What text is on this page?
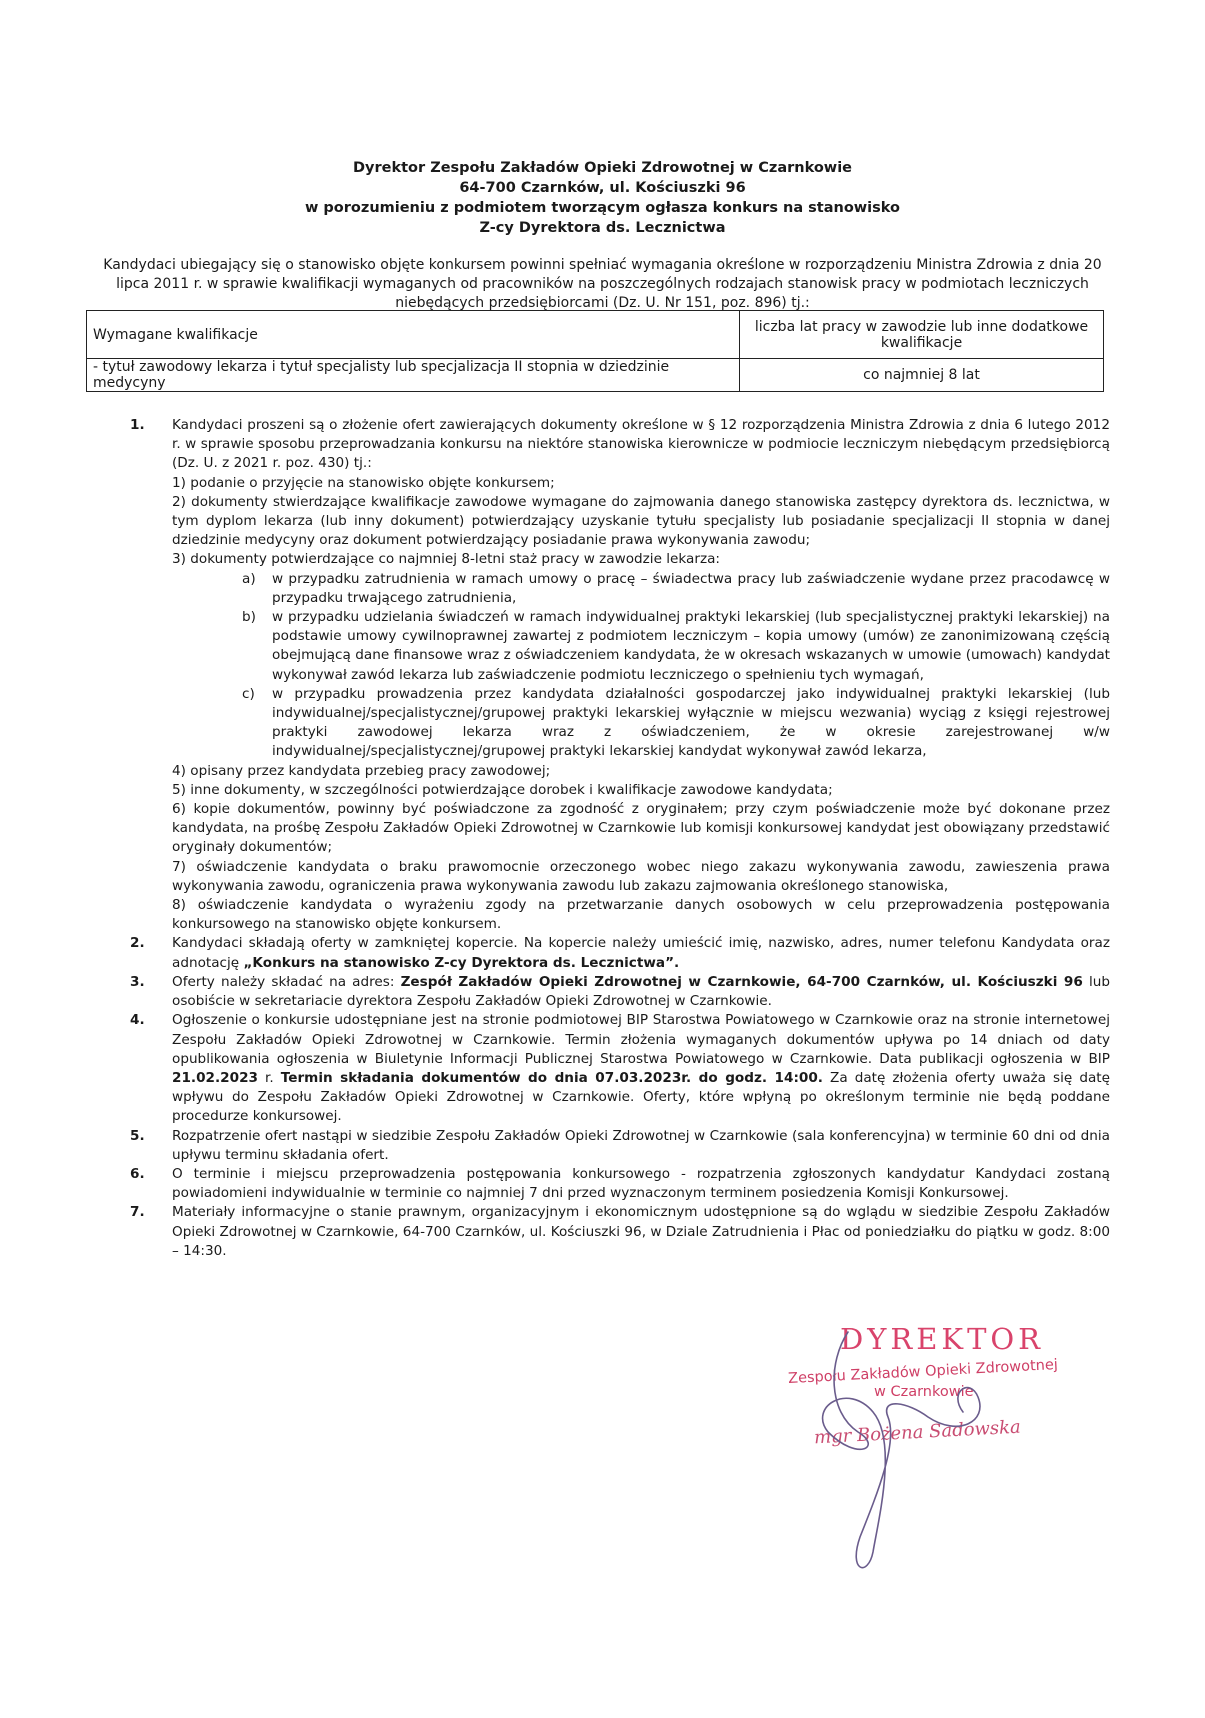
Dyrektor Zespołu Zakładów Opieki Zdrowotnej w Czarnkowie
64-700 Czarnków, ul. Kościuszki 96
w porozumieniu z podmiotem tworzącym ogłasza konkurs na stanowisko
Z-cy Dyrektora ds. Lecznictwa
Kandydaci ubiegający się o stanowisko objęte konkursem powinni spełniać wymagania określone w rozporządzeniu Ministra Zdrowia z dnia 20 lipca 2011 r. w sprawie kwalifikacji wymaganych od pracowników na poszczególnych rodzajach stanowisk pracy w podmiotach leczniczych niebędących przedsiębiorcami (Dz. U. Nr 151, poz. 896) tj.:
Wymagane kwalifikacje	liczba lat pracy w zawodzie lub inne dodatkowe kwalifikacje
- tytuł zawodowy lekarza i tytuł specjalisty lub specjalizacja II stopnia w dziedzinie medycyny	co najmniej 8 lat
1. Kandydaci proszeni są o złożenie ofert zawierających dokumenty określone w § 12 rozporządzenia Ministra Zdrowia z dnia 6 lutego 2012 r. w sprawie sposobu przeprowadzania konkursu na niektóre stanowiska kierownicze w podmiocie leczniczym niebędącym przedsiębiorcą (Dz. U. z 2021 r. poz. 430) tj.:
1) podanie o przyjęcie na stanowisko objęte konkursem;
2) dokumenty stwierdzające kwalifikacje zawodowe wymagane do zajmowania danego stanowiska zastępcy dyrektora ds. lecznictwa, w tym dyplom lekarza (lub inny dokument) potwierdzający uzyskanie tytułu specjalisty lub posiadanie specjalizacji II stopnia w danej dziedzinie medycyny oraz dokument potwierdzający posiadanie prawa wykonywania zawodu;
3) dokumenty potwierdzające co najmniej 8-letni staż pracy w zawodzie lekarza:
a) w przypadku zatrudnienia w ramach umowy o pracę – świadectwa pracy lub zaświadczenie wydane przez pracodawcę w przypadku trwającego zatrudnienia,
b) w przypadku udzielania świadczeń w ramach indywidualnej praktyki lekarskiej (lub specjalistycznej praktyki lekarskiej) na podstawie umowy cywilnoprawnej zawartej z podmiotem leczniczym – kopia umowy (umów) ze zanonimizowaną częścią obejmującą dane finansowe wraz z oświadczeniem kandydata, że w okresach wskazanych w umowie (umowach) kandydat wykonywał zawód lekarza lub zaświadczenie podmiotu leczniczego o spełnieniu tych wymagań,
c) w przypadku prowadzenia przez kandydata działalności gospodarczej jako indywidualnej praktyki lekarskiej (lub indywidualnej/specjalistycznej/grupowej praktyki lekarskiej wyłącznie w miejscu wezwania) wyciąg z księgi rejestrowej praktyki zawodowej lekarza wraz z oświadczeniem, że w okresie zarejestrowanej w/w indywidualnej/specjalistycznej/grupowej praktyki lekarskiej kandydat wykonywał zawód lekarza,
4) opisany przez kandydata przebieg pracy zawodowej;
5) inne dokumenty, w szczególności potwierdzające dorobek i kwalifikacje zawodowe kandydata;
6) kopie dokumentów, powinny być poświadczone za zgodność z oryginałem; przy czym poświadczenie może być dokonane przez kandydata, na prośbę Zespołu Zakładów Opieki Zdrowotnej w Czarnkowie lub komisji konkursowej kandydat jest obowiązany przedstawić oryginały dokumentów;
7) oświadczenie kandydata o braku prawomocnie orzeczonego wobec niego zakazu wykonywania zawodu, zawieszenia prawa wykonywania zawodu, ograniczenia prawa wykonywania zawodu lub zakazu zajmowania określonego stanowiska,
8) oświadczenie kandydata o wyrażeniu zgody na przetwarzanie danych osobowych w celu przeprowadzenia postępowania konkursowego na stanowisko objęte konkursem.
2. Kandydaci składają oferty w zamkniętej kopercie. Na kopercie należy umieścić imię, nazwisko, adres, numer telefonu Kandydata oraz adnotację „Konkurs na stanowisko Z-cy Dyrektora ds. Lecznictwa”.
3. Oferty należy składać na adres: Zespół Zakładów Opieki Zdrowotnej w Czarnkowie, 64-700 Czarnków, ul. Kościuszki 96 lub osobiście w sekretariacie dyrektora Zespołu Zakładów Opieki Zdrowotnej w Czarnkowie.
4. Ogłoszenie o konkursie udostępniane jest na stronie podmiotowej BIP Starostwa Powiatowego w Czarnkowie oraz na stronie internetowej Zespołu Zakładów Opieki Zdrowotnej w Czarnkowie. Termin złożenia wymaganych dokumentów upływa po 14 dniach od daty opublikowania ogłoszenia w Biuletynie Informacji Publicznej Starostwa Powiatowego w Czarnkowie. Data publikacji ogłoszenia w BIP 21.02.2023 r. Termin składania dokumentów do dnia 07.03.2023r. do godz. 14:00. Za datę złożenia oferty uważa się datę wpływu do Zespołu Zakładów Opieki Zdrowotnej w Czarnkowie. Oferty, które wpłyną po określonym terminie nie będą poddane procedurze konkursowej.
5. Rozpatrzenie ofert nastąpi w siedzibie Zespołu Zakładów Opieki Zdrowotnej w Czarnkowie (sala konferencyjna) w terminie 60 dni od dnia upływu terminu składania ofert.
6. O terminie i miejscu przeprowadzenia postępowania konkursowego - rozpatrzenia zgłoszonych kandydatur Kandydaci zostaną powiadomieni indywidualnie w terminie co najmniej 7 dni przed wyznaczonym terminem posiedzenia Komisji Konkursowej.
7. Materiały informacyjne o stanie prawnym, organizacyjnym i ekonomicznym udostępnione są do wglądu w siedzibie Zespołu Zakładów Opieki Zdrowotnej w Czarnkowie, 64-700 Czarnków, ul. Kościuszki 96, w Dziale Zatrudnienia i Płac od poniedziałku do piątku w godz. 8:00 – 14:30.
DYREKTOR
Zespołu Zakładów Opieki Zdrowotnej
w Czarnkowie
mgr Bożena Sadowska
